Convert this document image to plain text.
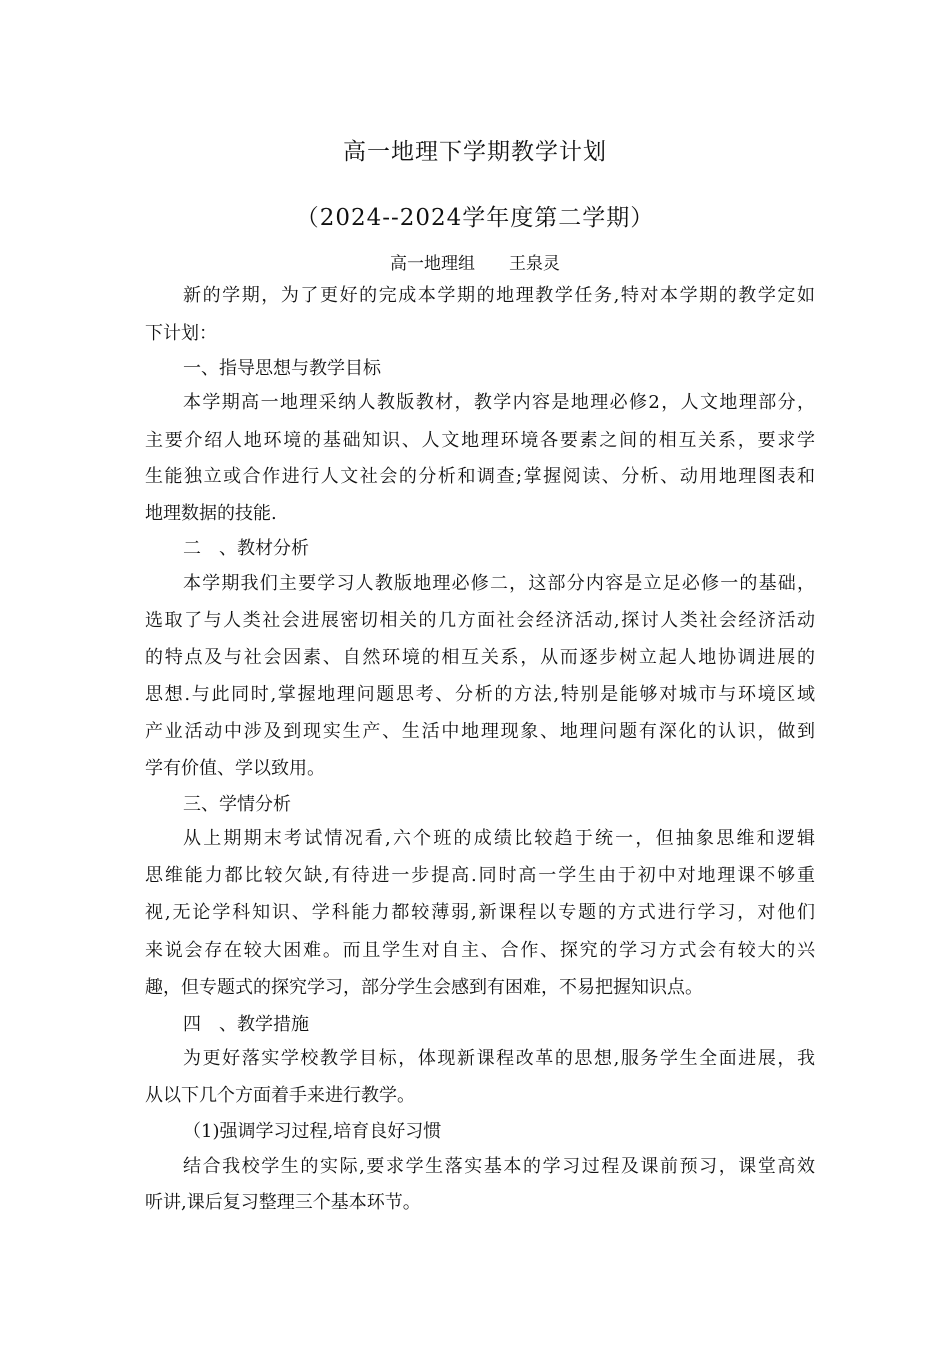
高一地理下学期教学计划
（2024--2024学年度第二学期）
高一地理组 王泉灵
新的学期，为了更好的完成本学期的地理教学任务,特对本学期的教学定如
下计划：
一、指导思想与教学目标
本学期高一地理采纳人教版教材，教学内容是地理必修2，人文地理部分，
主要介绍人地环境的基础知识、人文地理环境各要素之间的相互关系，要求学
生能独立或合作进行人文社会的分析和调查;掌握阅读、分析、动用地理图表和
地理数据的技能.
二　、教材分析
本学期我们主要学习人教版地理必修二，这部分内容是立足必修一的基础，
选取了与人类社会进展密切相关的几方面社会经济活动,探讨人类社会经济活动
的特点及与社会因素、自然环境的相互关系，从而逐步树立起人地协调进展的
思想.与此同时,掌握地理问题思考、分析的方法,特别是能够对城市与环境区域
产业活动中涉及到现实生产、生活中地理现象、地理问题有深化的认识，做到
学有价值、学以致用。
三、学情分析
从上期期末考试情况看,六个班的成绩比较趋于统一，但抽象思维和逻辑
思维能力都比较欠缺,有待进一步提高.同时高一学生由于初中对地理课不够重
视,无论学科知识、学科能力都较薄弱,新课程以专题的方式进行学习，对他们
来说会存在较大困难。而且学生对自主、合作、探究的学习方式会有较大的兴
趣，但专题式的探究学习，部分学生会感到有困难，不易把握知识点。
四　、教学措施
为更好落实学校教学目标，体现新课程改革的思想,服务学生全面进展，我
从以下几个方面着手来进行教学。
（1)强调学习过程,培育良好习惯
结合我校学生的实际,要求学生落实基本的学习过程及课前预习，课堂高效
听讲,课后复习整理三个基本环节。
